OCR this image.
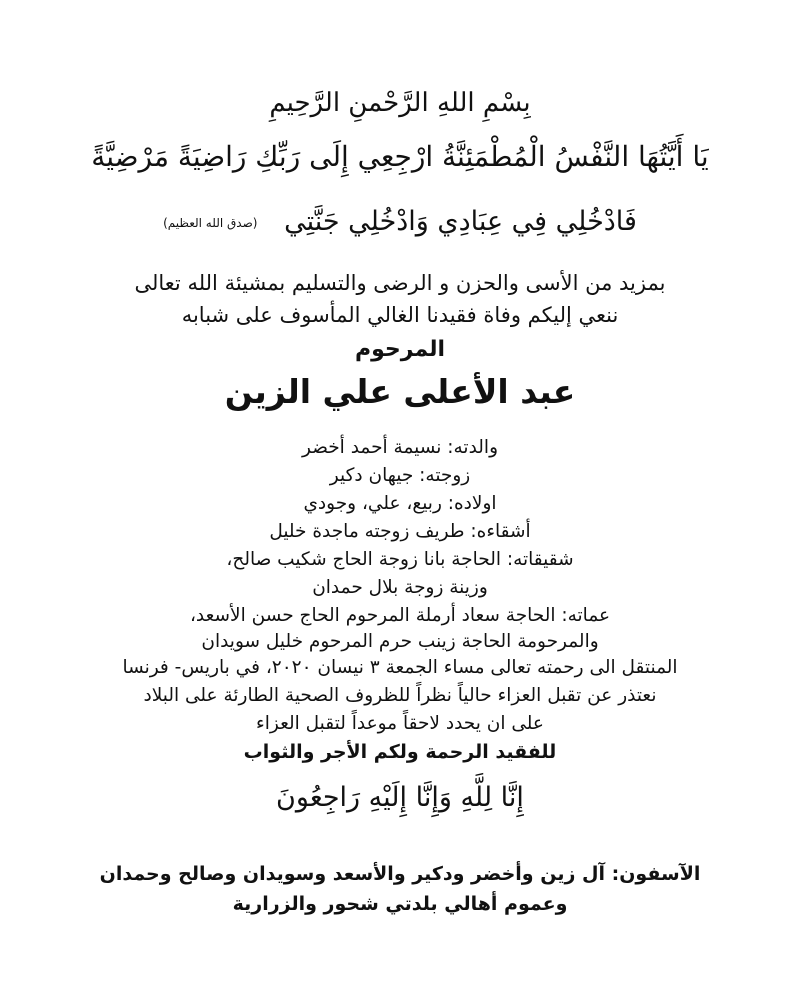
بِسْمِ اللهِ الرَّحْمنِ الرَّحِيمِ
يَا أَيَّتُهَا النَّفْسُ الْمُطْمَئِنَّةُ ارْجِعِي إِلَى رَبِّكِ رَاضِيَةً مَرْضِيَّةً
فَادْخُلِي فِي عِبَادِي وَادْخُلِي جَنَّتِي (صدق الله العظيم)
بمزيد من الأسى والحزن و الرضى والتسليم بمشيئة الله تعالى
ننعي إليكم وفاة فقيدنا الغالي المأسوف على شبابه
المرحوم
عبد الأعلى علي الزين
والدته: نسيمة أحمد أخضر
زوجته: جيهان دكير
اولاده: ربيع، علي، وجودي
أشقاءه: طريف زوجته ماجدة خليل
شقيقاته: الحاجة بانا زوجة الحاج شكيب صالح،
وزينة زوجة بلال حمدان
عماته: الحاجة سعاد أرملة المرحوم الحاج حسن الأسعد،
والمرحومة الحاجة زينب حرم المرحوم خليل سويدان
المنتقل الى رحمته تعالى مساء الجمعة ٣ نيسان ٢٠٢٠، في باريس- فرنسا
نعتذر عن تقبل العزاء حالياً نظراً للظروف الصحية الطارئة على البلاد
على ان يحدد لاحقاً موعداً لتقبل العزاء
للفقيد الرحمة ولكم الأجر والثواب
إِنَّا لِلَّهِ وَإِنَّا إِلَيْهِ رَاجِعُونَ
الآسفون: آل زين وأخضر ودكير والأسعد وسويدان وصالح وحمدان
وعموم أهالي بلدتي شحور والزرارية
